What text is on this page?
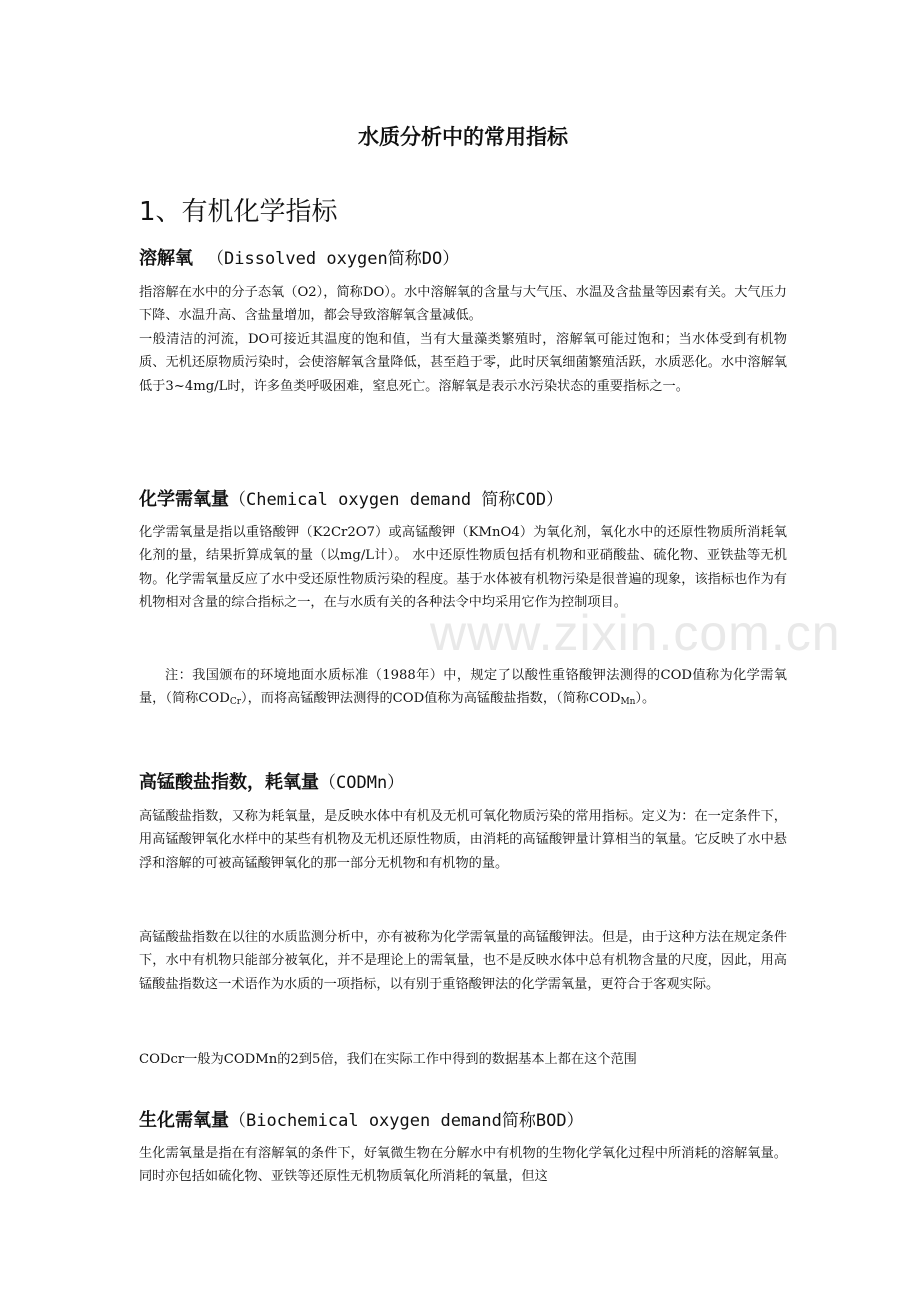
www.zixin.com.cn
水质分析中的常用指标
1、有机化学指标
溶解氧 （Dissolved oxygen简称DO）

指溶解在水中的分子态氧（O2），简称DO）。水中溶解氧的含量与大气压、水温及含盐量等因素有关。大气压力下降、水温升高、含盐量增加，都会导致溶解氧含量减低。

一般清洁的河流，DO可接近其温度的饱和值，当有大量藻类繁殖时，溶解氧可能过饱和；当水体受到有机物质、无机还原物质污染时，会使溶解氧含量降低，甚至趋于零，此时厌氧细菌繁殖活跃，水质恶化。水中溶解氧低于3~4mg/L时，许多鱼类呼吸困难，窒息死亡。溶解氧是表示水污染状态的重要指标之一。

化学需氧量（Chemical oxygen demand 简称COD）

化学需氧量是指以重铬酸钾（K2Cr2O7）或高锰酸钾（KMnO4）为氧化剂，氧化水中的还原性物质所消耗氧化剂的量，结果折算成氧的量（以mg/L计）。 水中还原性物质包括有机物和亚硝酸盐、硫化物、亚铁盐等无机物。化学需氧量反应了水中受还原性物质污染的程度。基于水体被有机物污染是很普遍的现象，该指标也作为有机物相对含量的综合指标之一，在与水质有关的各种法令中均采用它作为控制项目。

注：我国颁布的环境地面水质标准（1988年）中，规定了以酸性重铬酸钾法测得的COD值称为化学需氧量，（简称$COD_{Cr}$），而将高锰酸钾法测得的COD值称为高锰酸盐指数，（简称$COD_{Mn}$）。

高锰酸盐指数，耗氧量（CODMn）

高锰酸盐指数，又称为耗氧量，是反映水体中有机及无机可氧化物质污染的常用指标。定义为：在一定条件下，用高锰酸钾氧化水样中的某些有机物及无机还原性物质，由消耗的高锰酸钾量计算相当的氧量。它反映了水中悬浮和溶解的可被高锰酸钾氧化的那一部分无机物和有机物的量。

高锰酸盐指数在以往的水质监测分析中，亦有被称为化学需氧量的高锰酸钾法。但是，由于这种方法在规定条件下，水中有机物只能部分被氧化，并不是理论上的需氧量，也不是反映水体中总有机物含量的尺度，因此，用高锰酸盐指数这一术语作为水质的一项指标，以有别于重铬酸钾法的化学需氧量，更符合于客观实际。

CODcr一般为CODMn的2到5倍，我们在实际工作中得到的数据基本上都在这个范围

生化需氧量（Biochemical oxygen demand简称BOD）

生化需氧量是指在有溶解氧的条件下，好氧微生物在分解水中有机物的生物化学氧化过程中所消耗的溶解氧量。同时亦包括如硫化物、亚铁等还原性无机物质氧化所消耗的氧量，但这
